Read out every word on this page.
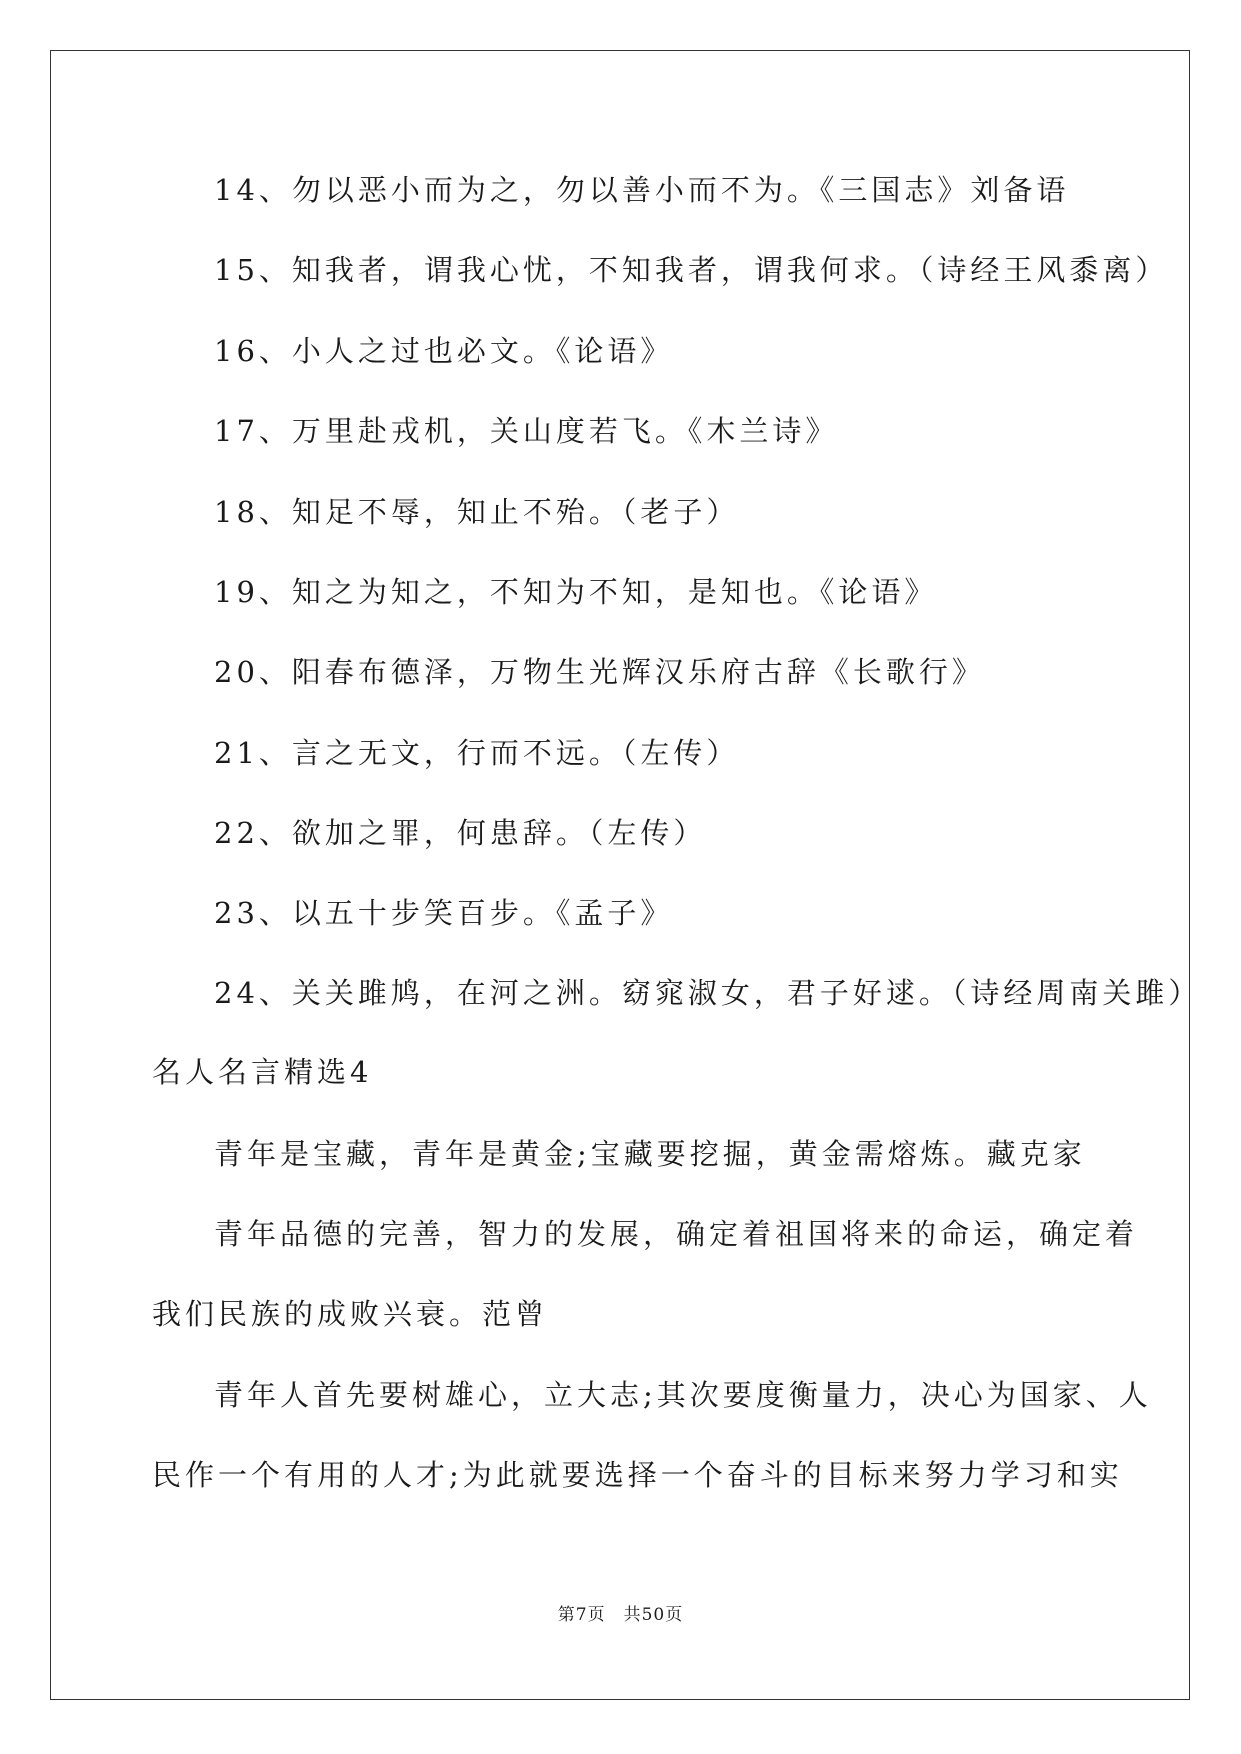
14、勿以恶小而为之，勿以善小而不为。《三国志》刘备语
15、知我者，谓我心忧，不知我者，谓我何求。（诗经王风黍离）
16、小人之过也必文。《论语》
17、万里赴戎机，关山度若飞。《木兰诗》
18、知足不辱，知止不殆。（老子）
19、知之为知之，不知为不知，是知也。《论语》
20、阳春布德泽，万物生光辉汉乐府古辞《长歌行》
21、言之无文，行而不远。（左传）
22、欲加之罪，何患辞。（左传）
23、以五十步笑百步。《孟子》
24、关关雎鸠，在河之洲。窈窕淑女，君子好逑。（诗经周南关雎）
名人名言精选4
青年是宝藏，青年是黄金;宝藏要挖掘，黄金需熔炼。藏克家
青年品德的完善，智力的发展，确定着祖国将来的命运，确定着
我们民族的成败兴衰。范曾
青年人首先要树雄心，立大志;其次要度衡量力，决心为国家、人
民作一个有用的人才;为此就要选择一个奋斗的目标来努力学习和实
第7页 共50页
